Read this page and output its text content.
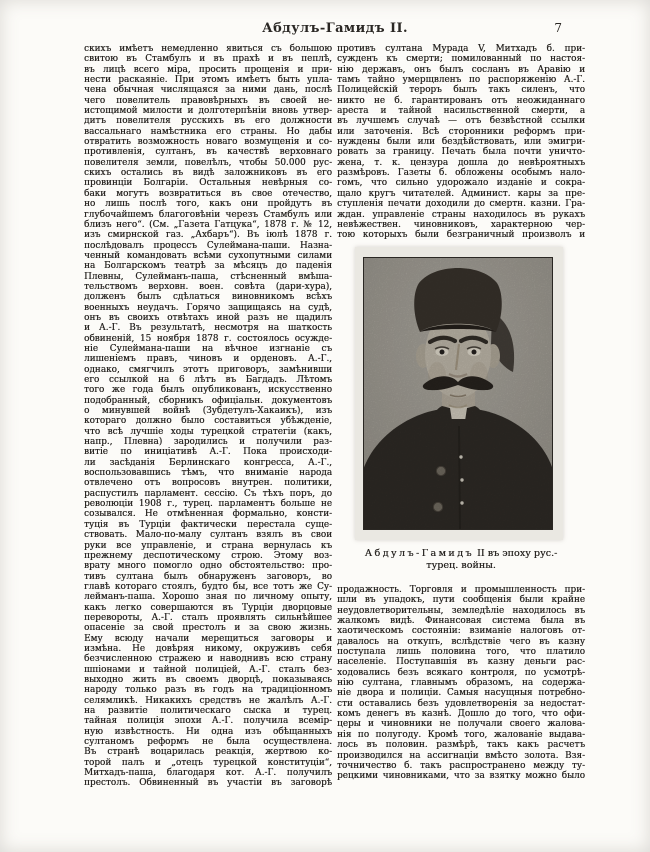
Абдулъ-Гамидъ II.	7
скихъ имѣетъ немедленно явиться съ большою
свитою въ Стамбулъ и въ прахѣ и въ пеплѣ,
въ лицѣ всего міра, просить прощенія и при-
нести раскаяніе. При этомъ имѣетъ быть упла-
чена обычная числящаяся за ними дань, послѣ
чего повелитель правовѣрныхъ въ своей не-
истощимой милости и долготерпѣніи вновь утвер-
дитъ повелителя русскихъ въ его должности
вассальнаго намѣстника его страны. Но дабы
отвратить возможность новаго возмущенія и со-
противленія, султанъ, въ качествѣ верховнаго
повелителя земли, повелѣлъ, чтобы 50.000 рус-
скихъ остались въ видѣ заложниковъ въ его
провинціи Болгаріи. Остальныя невѣрныя со-
баки могутъ возвратиться въ свое отечество,
но лишь послѣ того, какъ они пройдутъ въ
глубочайшемъ благоговѣніи черезъ Стамбулъ или
близъ него“. (См. „Газета Гатцука“, 1878 г. № 12,
изъ смирнской газ. „Ахбаръ“). Въ іюлѣ 1878 г.
послѣдовалъ процессъ Сулеймана-паши. Назна-
ченный командовать всѣми сухопутными силами
на Болгарскомъ театрѣ за мѣсяцъ до паденія
Плевны, Сулейманъ-паша, стѣсненный вмѣша-
тельствомъ верховн. воен. совѣта (дари-хура),
долженъ былъ сдѣлаться виновникомъ всѣхъ
военныхъ неудачъ. Горячо защищаясь на судѣ,
онъ въ своихъ отвѣтахъ иной разъ не щадилъ
и А.-Г. Въ результатѣ, несмотря на шаткость
обвиненій, 15 ноября 1878 г. состоялось осужде-
ніе Сулеймана-паши на вѣчное изгнаніе съ
лишеніемъ правъ, чиновъ и орденовъ. А.-Г.,
однако, смягчилъ этотъ приговоръ, замѣнивши
его ссылкой на 6 лѣтъ въ Багдадъ. Лѣтомъ
того же года былъ опубликованъ, искусственно
подобранный, сборникъ офиціальн. документовъ
о минувшей войнѣ (Зубдетулъ-Хакаикъ), изъ
котораго должно было составиться убѣжденіе,
что всѣ лучшіе ходы турецкой стратегіи (какъ,
напр., Плевна) зародились и получили раз-
витіе по иниціативѣ А.-Г. Пока происходи-
ли засѣданія Берлинскаго конгресса, А.-Г.,
воспользовавшись тѣмъ, что вниманіе народа
отвлечено отъ вопросовъ внутрен. политики,
распустилъ парламент. сессію. Съ тѣхъ поръ, до
революціи 1908 г., турец. парламентъ больше не
созывался. Не отмѣненная формально, консти-
туція въ Турціи фактически перестала суще-
ствовать. Мало-по-малу султанъ взялъ въ свои
руки все управленіе, и страна вернулась къ
прежнему деспотическому строю. Этому воз-
врату много помогло одно обстоятельство: про-
тивъ султана былъ обнаруженъ заговоръ, во
главѣ котораго стоялъ, будто бы, все тотъ же Су-
лейманъ-паша. Хорошо зная по личному опыту,
какъ легко совершаются въ Турціи дворцовые
перевороты, А.-Г. сталъ проявлять сильнѣйшее
опасеніе за свой престолъ и за свою жизнь.
Ему всюду начали мерещиться заговоры и
измѣна. Не довѣряя никому, окруживъ себя
безчисленною стражею и наводнивъ всю страну
шпіонами и тайной полиціей, А.-Г. сталъ без-
выходно жить въ своемъ дворцѣ, показываясь
народу только разъ въ годъ на традиціонномъ
селямликѣ. Никакихъ средствъ не жалѣлъ А.-Г.
на развитіе политическаго сыска и турец.
тайная полиція эпохи А.-Г. получила всемір-
ную извѣстность. Ни одна изъ обѣщанныхъ
султаномъ реформъ не была осуществлена.
Въ странѣ воцарилась реакція, жертвою ко-
торой палъ и „отецъ турецкой конституціи“,
Митхадъ-паша, благодаря кот. А.-Г. получилъ
престолъ. Обвиненный въ участіи въ заговорѣ
противъ султана Мурада V, Митхадъ б. при-
сужденъ къ смерти; помилованный по настоя-
нію державъ, онъ былъ сосланъ въ Аравію и
тамъ тайно умерщвленъ по распоряженію А.-Г.
Полицейскій тероръ былъ такъ силенъ, что
никто не б. гарантированъ отъ неожиданнаго
ареста и тайной насильственной смерти, а
въ лучшемъ случаѣ — отъ безвѣстной ссылки
или заточенія. Всѣ сторонники реформъ при-
нуждены были или бездѣйствовать, или эмигри-
ровать за границу. Печать была почти уничто-
жена, т. к. цензура дошла до невѣроятныхъ
размѣровъ. Газеты б. обложены особымъ нало-
гомъ, что сильно удорожало изданіе и сокра-
щало кругъ читателей. Админист. кары за пре-
ступленія печати доходили до смертн. казни. Гра-
ждан. управленіе страны находилось въ рукахъ
невѣжествен. чиновниковъ, характерною чер-
тою которыхъ были безграничный произволъ и
Абдулъ-Гамидъ II въ эпоху рус.-
турец. войны.
продажность. Торговля и промышленность при-
шли въ упадокъ, пути сообщенія были крайне
неудовлетворительны, земледѣліе находилось въ
жалкомъ видѣ. Финансовая система была въ
хаотическомъ состояніи: взиманіе налоговъ от-
давалось на откупъ, вслѣдствіе чего въ казну
поступала лишь половина того, что платило
населеніе. Поступавшія въ казну деньги рас-
ходовались безъ всякаго контроля, по усмотрѣ-
нію султана, главнымъ образомъ, на содержа-
ніе двора и полиціи. Самыя насущныя потребно-
сти оставались безъ удовлетворенія за недостат-
комъ денегъ въ казнѣ. Дошло до того, что офи-
церы и чиновники не получали своего жалова-
нія по полугоду. Кромѣ того, жалованіе выдава-
лось въ половин. размѣрѣ, такъ какъ расчетъ
производился на ассигнаціи вмѣсто золота. Взя-
точничество б. такъ распространено между ту-
рецкими чиновниками, что за взятку можно было
